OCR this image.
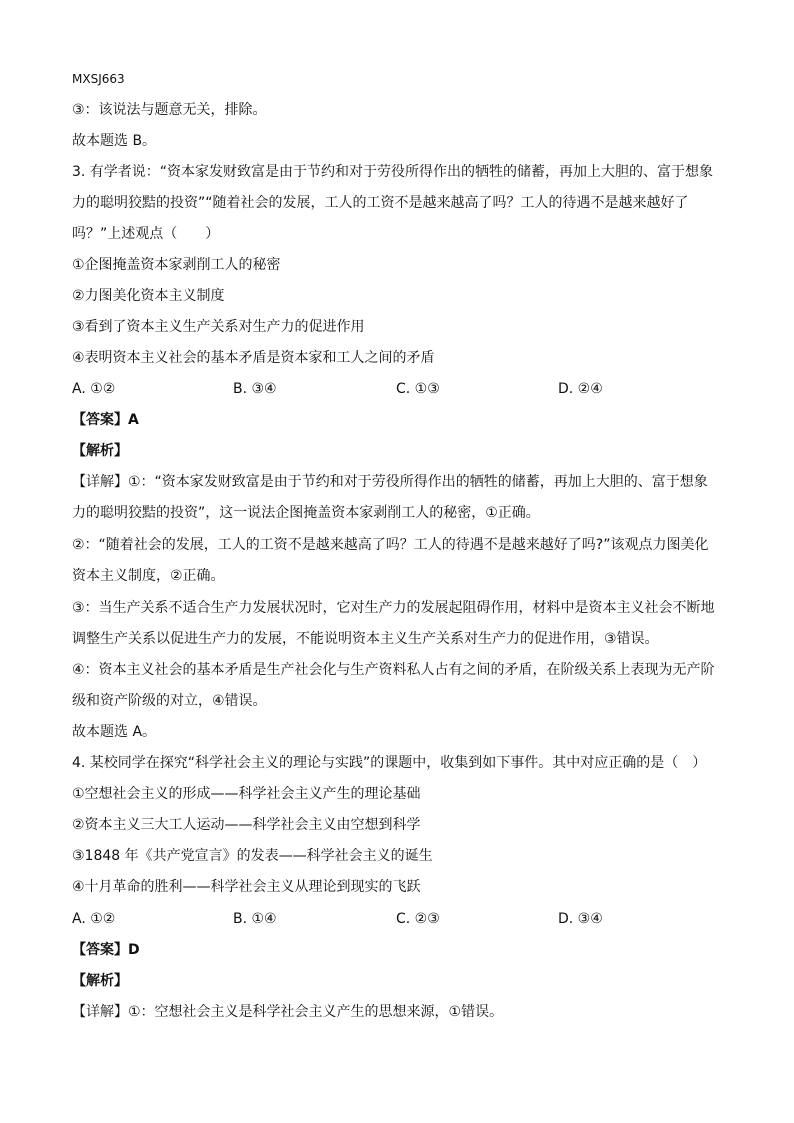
MXSJ663
③：该说法与题意无关，排除。
故本题选 B。
3. 有学者说：“资本家发财致富是由于节约和对于劳役所得作出的牺牲的储蓄，再加上大胆的、富于想象
力的聪明狡黠的投资”“随着社会的发展，工人的工资不是越来越高了吗？工人的待遇不是越来越好了
吗？”上述观点（　　）
①企图掩盖资本家剥削工人的秘密
②力图美化资本主义制度
③看到了资本主义生产关系对生产力的促进作用
④表明资本主义社会的基本矛盾是资本家和工人之间的矛盾
A. ①②	B. ③④	C. ①③	D. ②④
【答案】A
【解析】
【详解】①：“资本家发财致富是由于节约和对于劳役所得作出的牺牲的储蓄，再加上大胆的、富于想象
力的聪明狡黠的投资”，这一说法企图掩盖资本家剥削工人的秘密，①正确。
②：“随着社会的发展，工人的工资不是越来越高了吗？工人的待遇不是越来越好了吗?”该观点力图美化
资本主义制度，②正确。
③：当生产关系不适合生产力发展状况时，它对生产力的发展起阻碍作用，材料中是资本主义社会不断地
调整生产关系以促进生产力的发展，不能说明资本主义生产关系对生产力的促进作用，③错误。
④：资本主义社会的基本矛盾是生产社会化与生产资料私人占有之间的矛盾，在阶级关系上表现为无产阶
级和资产阶级的对立，④错误。
故本题选 A。
4. 某校同学在探究“科学社会主义的理论与实践”的课题中，收集到如下事件。其中对应正确的是（　）
①空想社会主义的形成——科学社会主义产生的理论基础
②资本主义三大工人运动——科学社会主义由空想到科学
③1848 年《共产党宣言》的发表——科学社会主义的诞生
④十月革命的胜利——科学社会主义从理论到现实的飞跃
A. ①②	B. ①④	C. ②③	D. ③④
【答案】D
【解析】
【详解】①：空想社会主义是科学社会主义产生的思想来源，①错误。
